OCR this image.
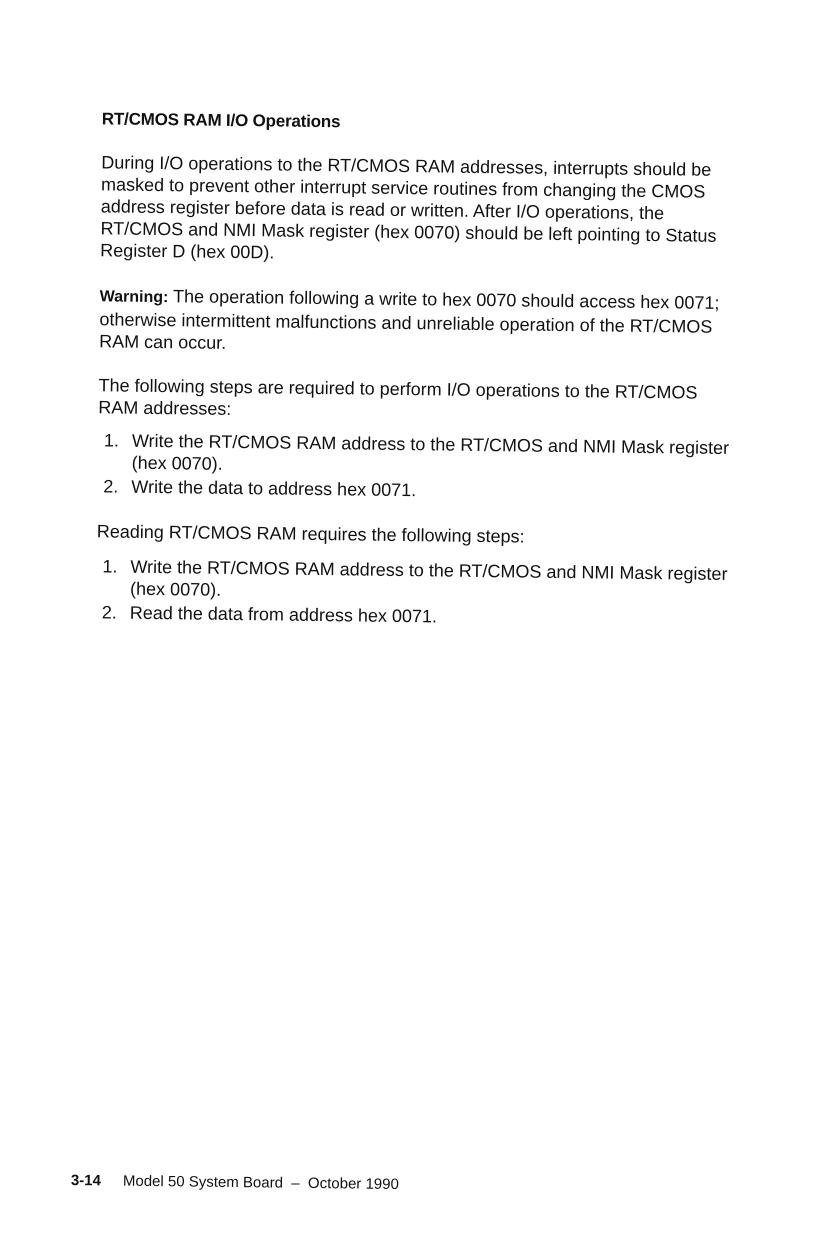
RT/CMOS RAM I/O Operations

During I/O operations to the RT/CMOS RAM addresses, interrupts should be masked to prevent other interrupt service routines from changing the CMOS address register before data is read or written. After I/O operations, the RT/CMOS and NMI Mask register (hex 0070) should be left pointing to Status Register D (hex 00D).

Warning: The operation following a write to hex 0070 should access hex 0071; otherwise intermittent malfunctions and unreliable operation of the RT/CMOS RAM can occur.

The following steps are required to perform I/O operations to the RT/CMOS RAM addresses:

1. Write the RT/CMOS RAM address to the RT/CMOS and NMI Mask register (hex 0070).
2. Write the data to address hex 0071.

Reading RT/CMOS RAM requires the following steps:

1. Write the RT/CMOS RAM address to the RT/CMOS and NMI Mask register (hex 0070).
2. Read the data from address hex 0071.
3-14 Model 50 System Board  –  October 1990
